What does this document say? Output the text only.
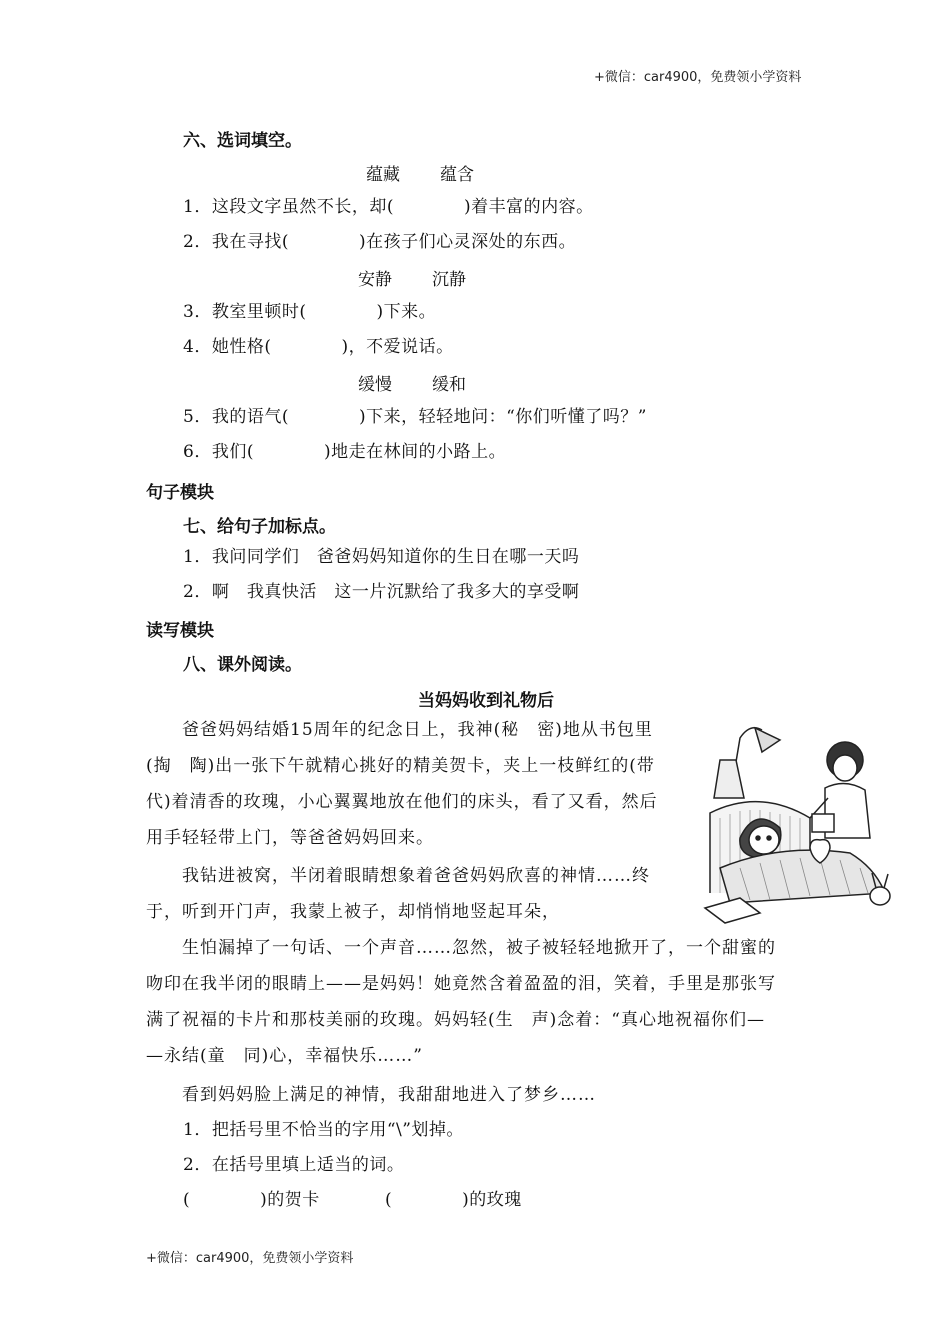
+微信：car4900，免费领小学资料
六、选词填空。
蕴藏 蕴含
1．这段文字虽然不长，却(　　　　)着丰富的内容。
2．我在寻找(　　　　)在孩子们心灵深处的东西。
安静 沉静
3．教室里顿时(　　　　)下来。
4．她性格(　　　　)，不爱说话。
缓慢 缓和
5．我的语气(　　　　)下来，轻轻地问：“你们听懂了吗？”
6．我们(　　　　)地走在林间的小路上。
句子模块
七、给句子加标点。
1．我问同学们　爸爸妈妈知道你的生日在哪一天吗
2．啊　我真快活　这一片沉默给了我多大的享受啊
读写模块
八、课外阅读。
当妈妈收到礼物后
　　爸爸妈妈结婚15周年的纪念日上，我神(秘　密)地从书包里
(掏　陶)出一张下午就精心挑好的精美贺卡，夹上一枝鲜红的(带
代)着清香的玫瑰，小心翼翼地放在他们的床头，看了又看，然后
用手轻轻带上门，等爸爸妈妈回来。
　　我钻进被窝，半闭着眼睛想象着爸爸妈妈欣喜的神情……终
于，听到开门声，我蒙上被子，却悄悄地竖起耳朵，
　　生怕漏掉了一句话、一个声音……忽然，被子被轻轻地掀开了，一个甜蜜的
吻印在我半闭的眼睛上——是妈妈！她竟然含着盈盈的泪，笑着，手里是那张写
满了祝福的卡片和那枝美丽的玫瑰。妈妈轻(生　声)念着：“真心地祝福你们—
—永结(童　同)心，幸福快乐……”
　　看到妈妈脸上满足的神情，我甜甜地进入了梦乡……
1．把括号里不恰当的字用“\”划掉。
2．在括号里填上适当的词。
(　　　　)的贺卡	(　　　　)的玫瑰
+微信：car4900，免费领小学资料
